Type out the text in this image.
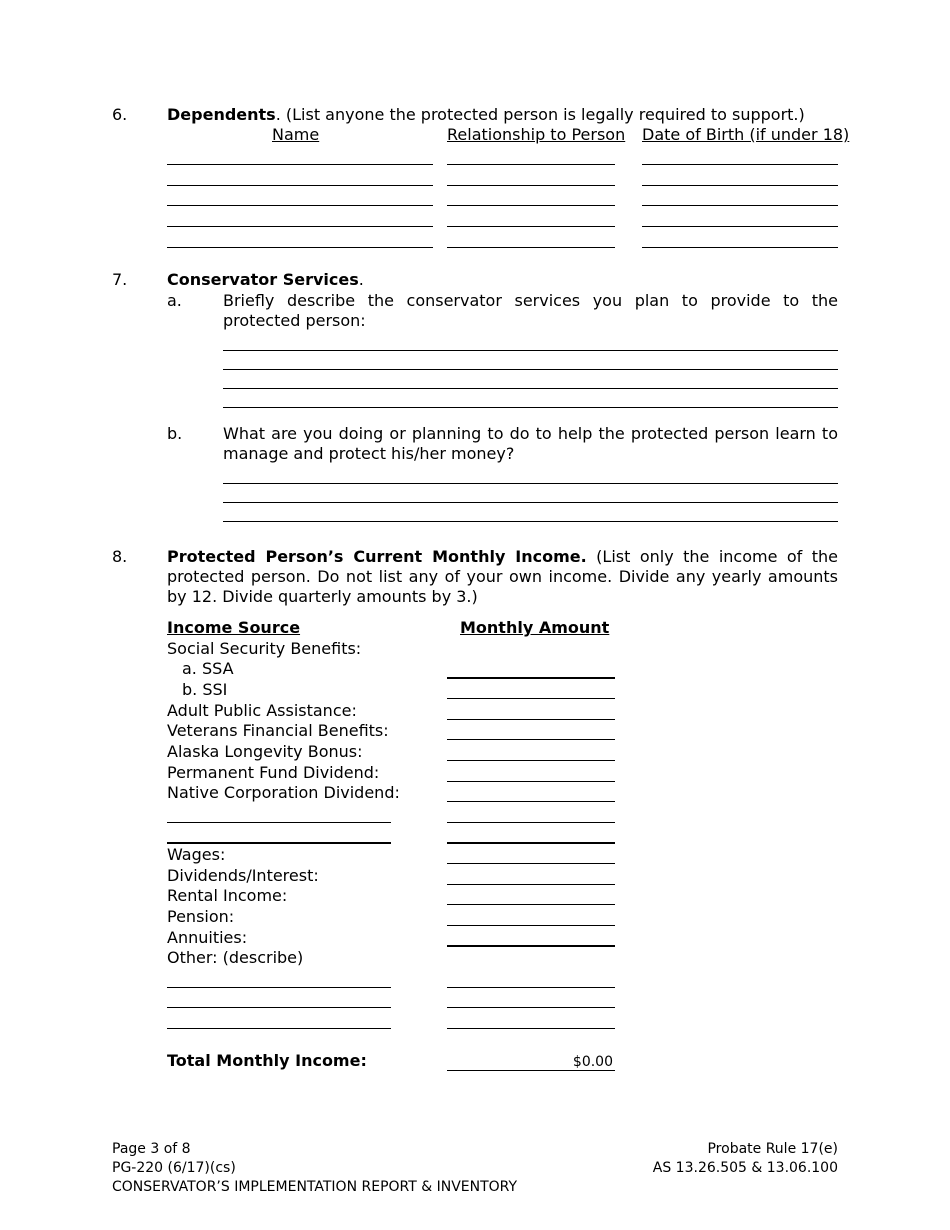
6. Dependents. (List anyone the protected person is legally required to support.)
Name	Relationship to Person Date of Birth (if under 18)
7. Conservator Services.
a.	Briefly describe the conservator services you plan to provide to the protected person:
b.	What are you doing or planning to do to help the protected person learn to manage and protect his/her money?
8. Protected Person’s Current Monthly Income. (List only the income of the protected person. Do not list any of your own income. Divide any yearly amounts by 12. Divide quarterly amounts by 3.)
Income Source	Monthly Amount
Social Security Benefits:
a. SSA
b. SSI
Adult Public Assistance:
Veterans Financial Benefits:
Alaska Longevity Bonus:
Permanent Fund Dividend:
Native Corporation Dividend:
Wages:
Dividends/Interest:
Rental Income:
Pension:
Annuities:
Other: (describe)
Total Monthly Income:	$0.00
Page 3 of 8
PG-220 (6/17)(cs)
CONSERVATOR’S IMPLEMENTATION REPORT & INVENTORY
Probate Rule 17(e)
AS 13.26.505 & 13.06.100
